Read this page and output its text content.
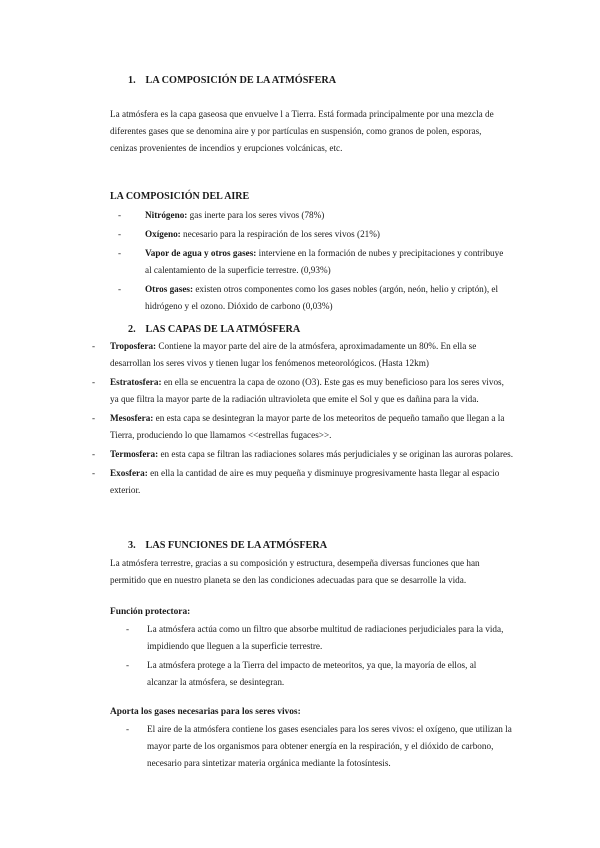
1. LA COMPOSICIÓN DE LA ATMÓSFERA

La atmósfera es la capa gaseosa que envuelve l a Tierra. Está formada principalmente por una mezcla de diferentes gases que se denomina aire y por partículas en suspensión, como granos de polen, esporas, cenizas provenientes de incendios y erupciones volcánicas, etc.

LA COMPOSICIÓN DEL AIRE
- Nitrógeno: gas inerte para los seres vivos (78%)
- Oxígeno: necesario para la respiración de los seres vivos (21%)
- Vapor de agua y otros gases: interviene en la formación de nubes y precipitaciones y contribuye al calentamiento de la superficie terrestre. (0,93%)
- Otros gases: existen otros componentes como los gases nobles (argón, neón, helio y criptón), el hidrógeno y el ozono. Dióxido de carbono (0,03%)
2. LAS CAPAS DE LA ATMÓSFERA
- Troposfera: Contiene la mayor parte del aire de la atmósfera, aproximadamente un 80%. En ella se desarrollan los seres vivos y tienen lugar los fenómenos meteorológicos. (Hasta 12km)
- Estratosfera: en ella se encuentra la capa de ozono (O3). Este gas es muy beneficioso para los seres vivos, ya que filtra la mayor parte de la radiación ultravioleta que emite el Sol y que es dañina para la vida.
- Mesosfera: en esta capa se desintegran la mayor parte de los meteoritos de pequeño tamaño que llegan a la Tierra, produciendo lo que llamamos <<estrellas fugaces>>.
- Termosfera: en esta capa se filtran las radiaciones solares más perjudiciales y se originan las auroras polares.
- Exosfera: en ella la cantidad de aire es muy pequeña y disminuye progresivamente hasta llegar al espacio exterior.
3. LAS FUNCIONES DE LA ATMÓSFERA

La atmósfera terrestre, gracias a su composición y estructura, desempeña diversas funciones que han permitido que en nuestro planeta se den las condiciones adecuadas para que se desarrolle la vida.

Función protectora:
- La atmósfera actúa como un filtro que absorbe multitud de radiaciones perjudiciales para la vida, impidiendo que lleguen a la superficie terrestre.
- La atmósfera protege a la Tierra del impacto de meteoritos, ya que, la mayoría de ellos, al alcanzar la atmósfera, se desintegran.
Aporta los gases necesarias para los seres vivos:
- El aire de la atmósfera contiene los gases esenciales para los seres vivos: el oxígeno, que utilizan la mayor parte de los organismos para obtener energía en la respiración, y el dióxido de carbono, necesario para sintetizar materia orgánica mediante la fotosíntesis.
